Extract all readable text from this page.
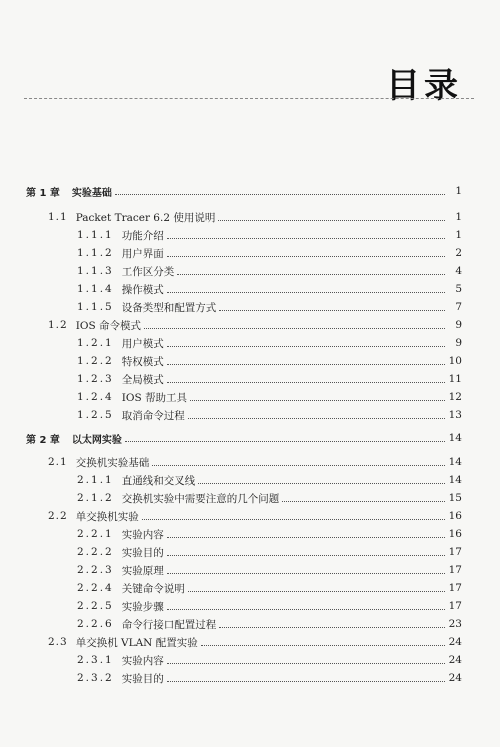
目录
第 1 章 实验基础	1
1.1 Packet Tracer 6.2 使用说明	1
1.1.1 功能介绍	1
1.1.2 用户界面	2
1.1.3 工作区分类	4
1.1.4 操作模式	5
1.1.5 设备类型和配置方式	7
1.2 IOS 命令模式	9
1.2.1 用户模式	9
1.2.2 特权模式	10
1.2.3 全局模式	11
1.2.4 IOS 帮助工具	12
1.2.5 取消命令过程	13
第 2 章 以太网实验	14
2.1 交换机实验基础	14
2.1.1 直通线和交叉线	14
2.1.2 交换机实验中需要注意的几个问题	15
2.2 单交换机实验	16
2.2.1 实验内容	16
2.2.2 实验目的	17
2.2.3 实验原理	17
2.2.4 关键命令说明	17
2.2.5 实验步骤	17
2.2.6 命令行接口配置过程	23
2.3 单交换机 VLAN 配置实验	24
2.3.1 实验内容	24
2.3.2 实验目的	24
